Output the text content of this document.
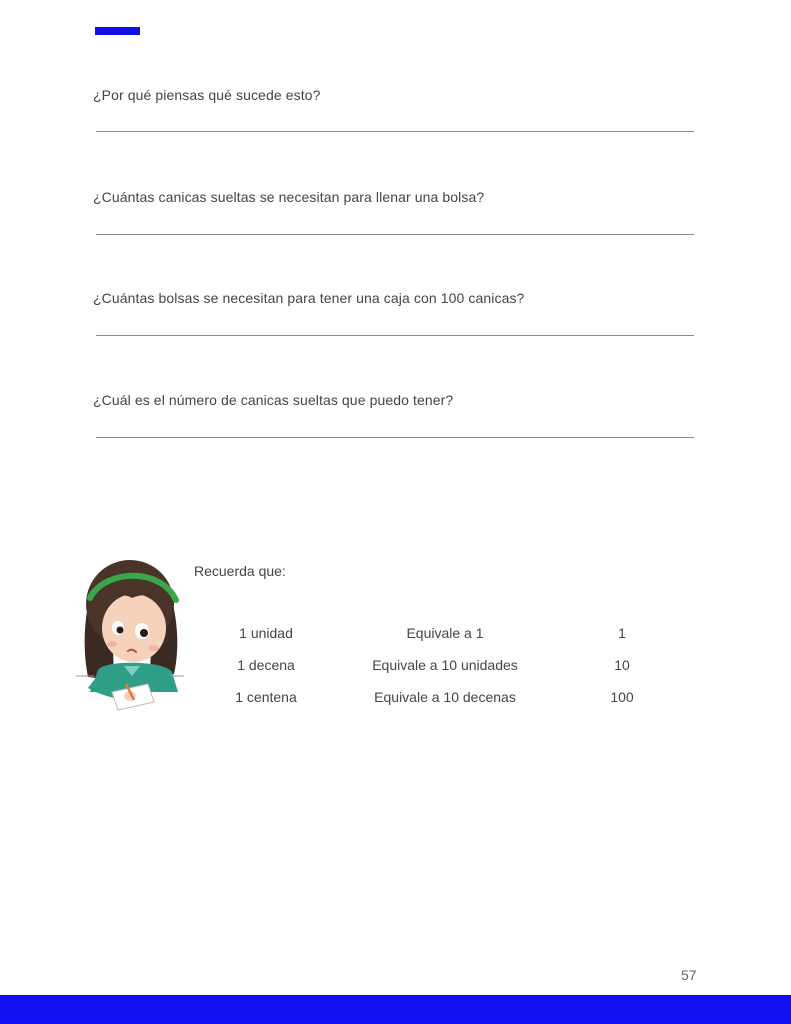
¿Por qué piensas qué sucede esto?
¿Cuántas canicas sueltas se necesitan para llenar una bolsa?
¿Cuántas bolsas se necesitan para tener una caja con 100 canicas?
¿Cuál es el número de canicas sueltas que puedo tener?
Recuerda que:
1 unidad	Equivale a 1	1
1 decena	Equivale a 10 unidades	10
1 centena	Equivale a 10 decenas	100
57
